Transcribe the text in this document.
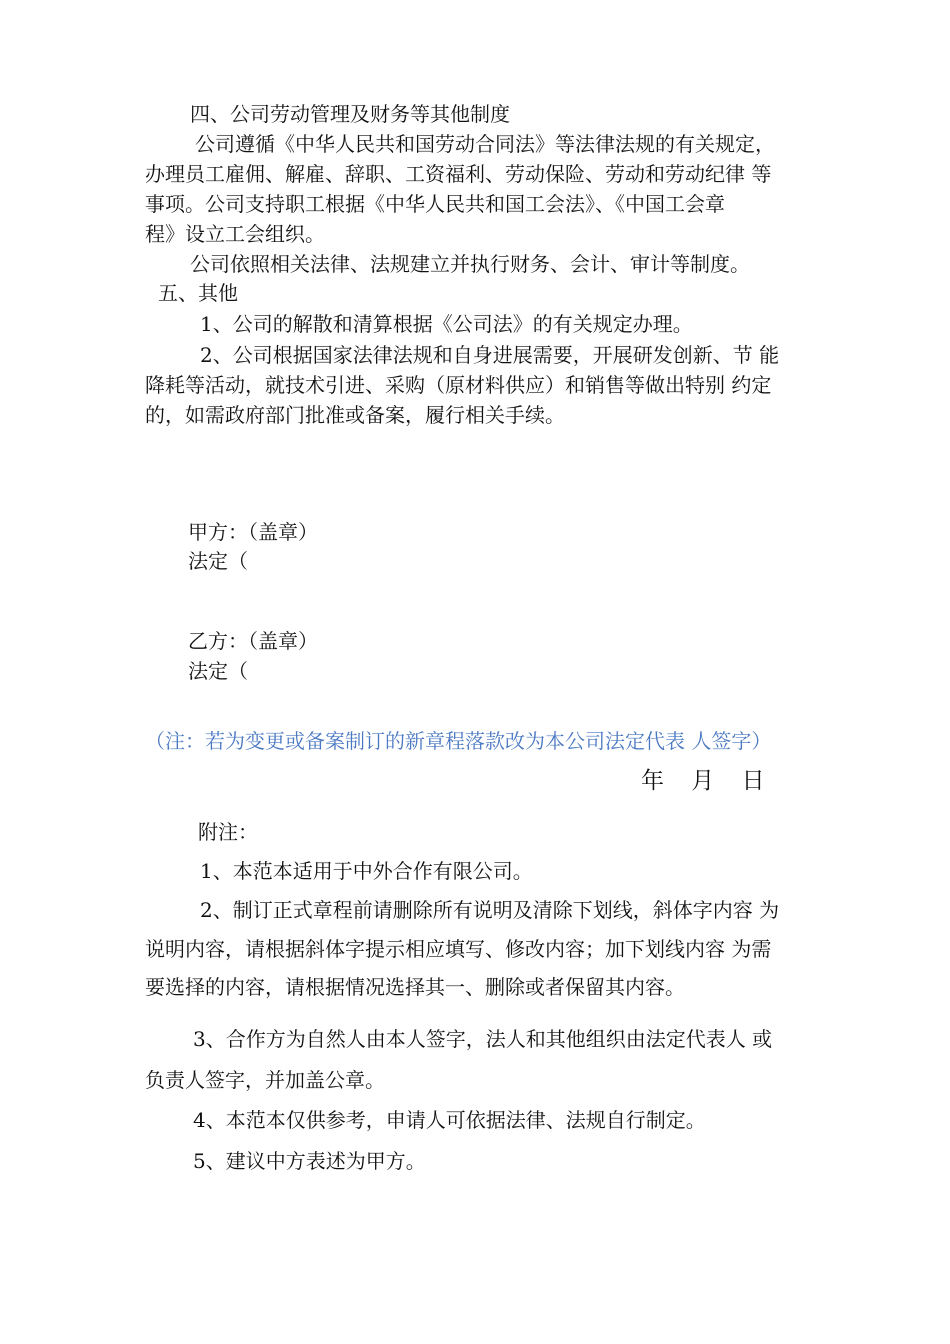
四、公司劳动管理及财务等其他制度
公司遵循《中华人民共和国劳动合同法》等法律法规的有关规定，
办理员工雇佣、解雇、辞职、工资福利、劳动保险、劳动和劳动纪律 等
事项。公司支持职工根据《中华人民共和国工会法》、《中国工会章
程》设立工会组织。
公司依照相关法律、法规建立并执行财务、会计、审计等制度。
五、其他
1、公司的解散和清算根据《公司法》的有关规定办理。
2、公司根据国家法律法规和自身进展需要，开展研发创新、节 能
降耗等活动，就技术引进、采购（原材料供应）和销售等做出特别 约定
的，如需政府部门批准或备案，履行相关手续。
甲方：（盖章）
法定（
乙方：（盖章）
法定（
（注：若为变更或备案制订的新章程落款改为本公司法定代表 人签字）
年 月 日
附注：
1、本范本适用于中外合作有限公司。
2、制订正式章程前请删除所有说明及清除下划线，斜体字内容 为
说明内容，请根据斜体字提示相应填写、修改内容；加下划线内容 为需
要选择的内容，请根据情况选择其一、删除或者保留其内容。
3、合作方为自然人由本人签字，法人和其他组织由法定代表人 或
负责人签字，并加盖公章。
4、本范本仅供参考，申请人可依据法律、法规自行制定。
5、建议中方表述为甲方。
